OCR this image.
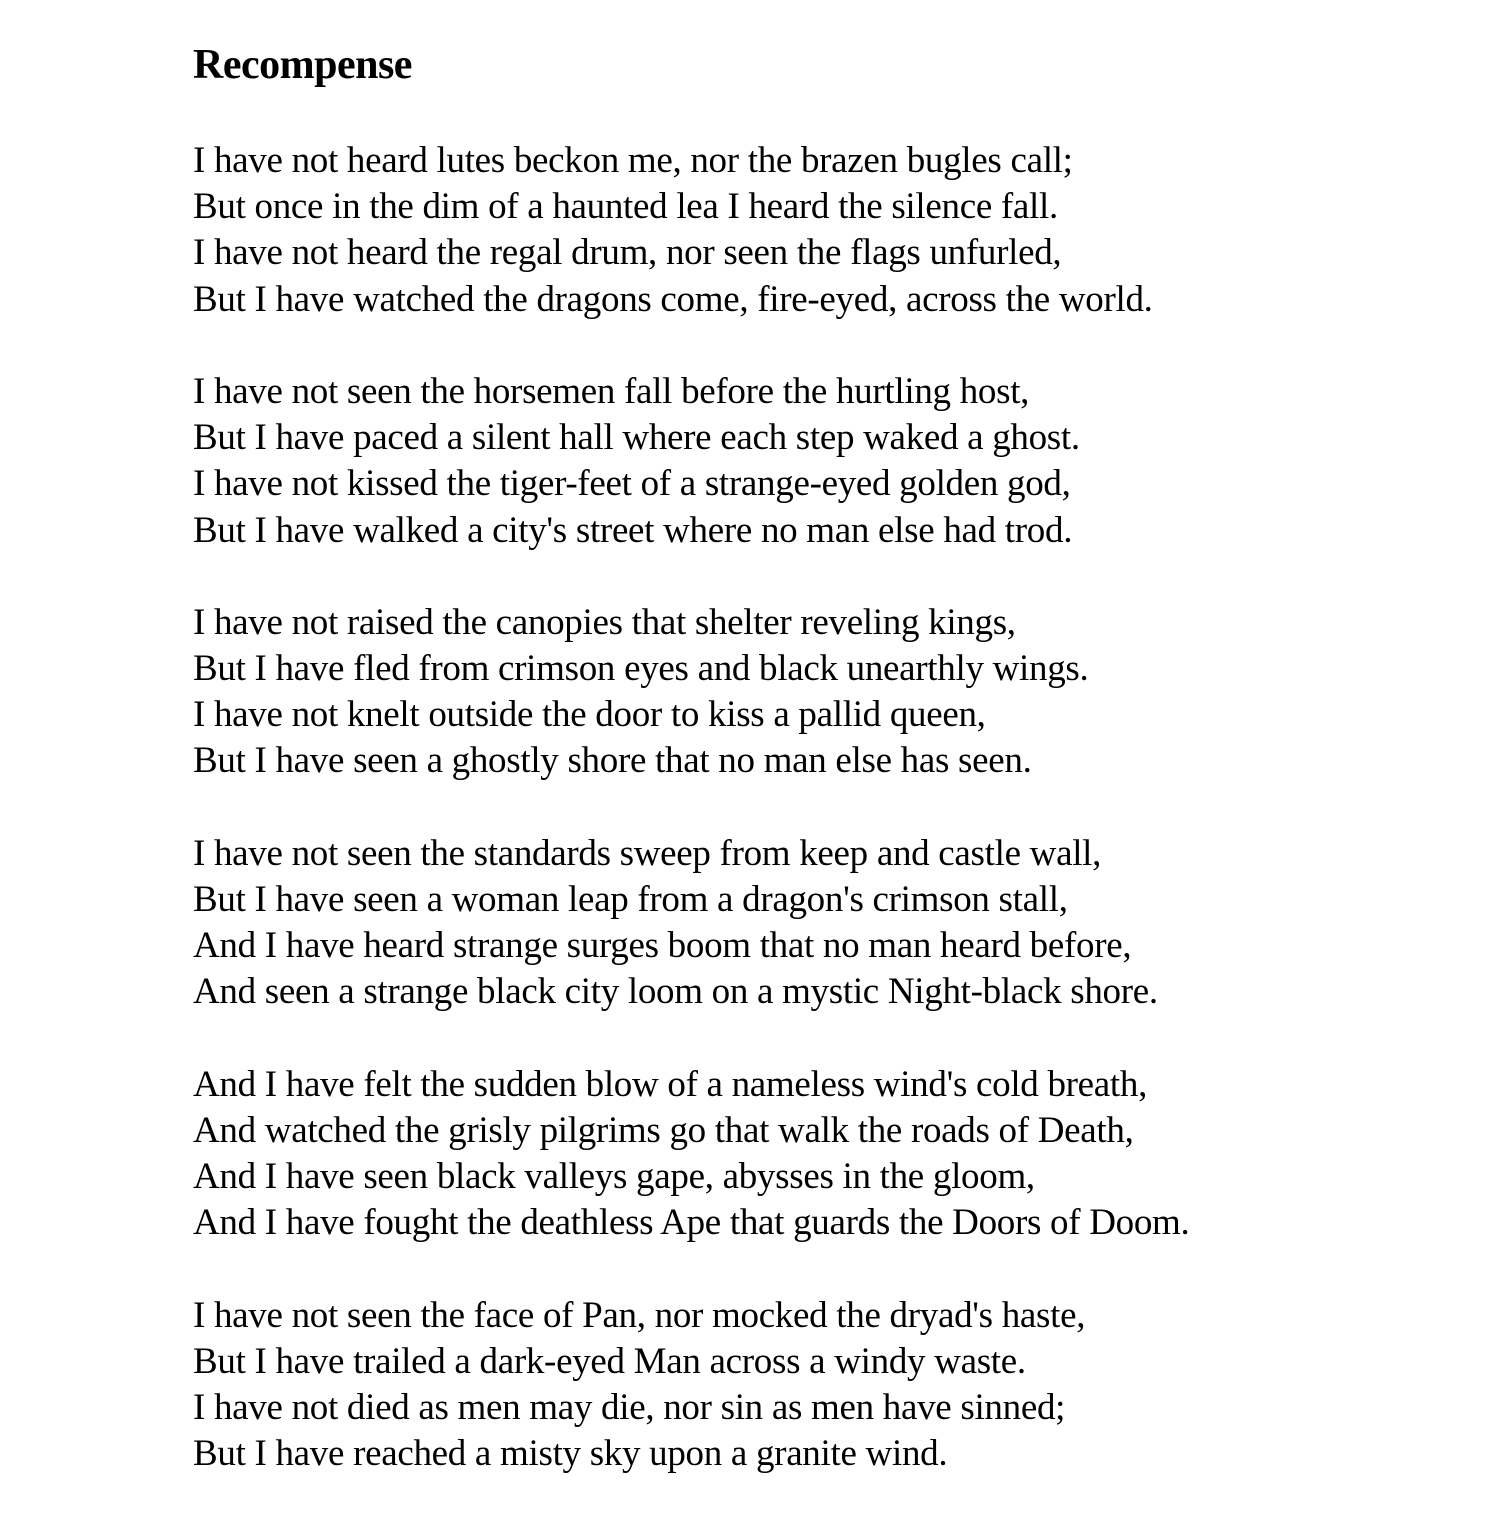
Recompense
I have not heard lutes beckon me, nor the brazen bugles call;
But once in the dim of a haunted lea I heard the silence fall.
I have not heard the regal drum, nor seen the flags unfurled,
But I have watched the dragons come, fire-eyed, across the world.
I have not seen the horsemen fall before the hurtling host,
But I have paced a silent hall where each step waked a ghost.
I have not kissed the tiger-feet of a strange-eyed golden god,
But I have walked a city's street where no man else had trod.
I have not raised the canopies that shelter reveling kings,
But I have fled from crimson eyes and black unearthly wings.
I have not knelt outside the door to kiss a pallid queen,
But I have seen a ghostly shore that no man else has seen.
I have not seen the standards sweep from keep and castle wall,
But I have seen a woman leap from a dragon's crimson stall,
And I have heard strange surges boom that no man heard before,
And seen a strange black city loom on a mystic Night-black shore.
And I have felt the sudden blow of a nameless wind's cold breath,
And watched the grisly pilgrims go that walk the roads of Death,
And I have seen black valleys gape, abysses in the gloom,
And I have fought the deathless Ape that guards the Doors of Doom.
I have not seen the face of Pan, nor mocked the dryad's haste,
But I have trailed a dark-eyed Man across a windy waste.
I have not died as men may die, nor sin as men have sinned;
But I have reached a misty sky upon a granite wind.
